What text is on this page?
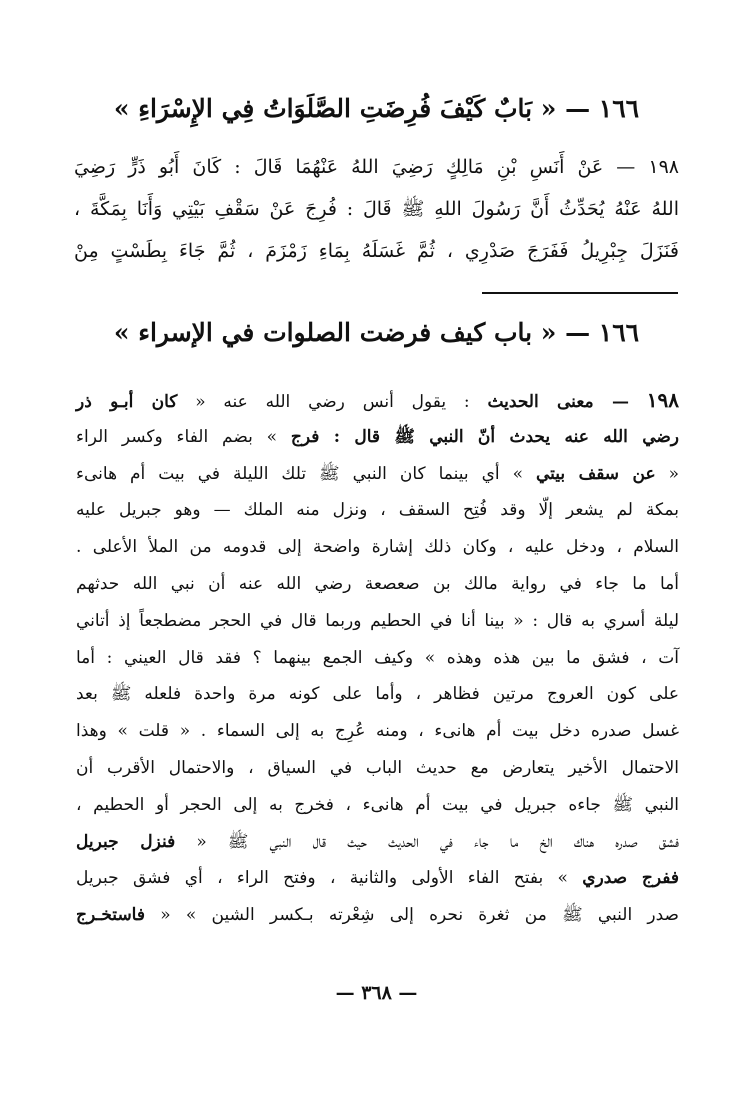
١٦٦ — « بَابٌ كَيْفَ فُرِضَتِ الصَّلَوَاتُ فِي الإِسْرَاءِ »
١٩٨ — عَنْ أَنَسِ بْنِ مَالِكٍ رَضِيَ اللهُ عَنْهُمَا قَالَ : كَانَ أَبُو ذَرٍّ رَضِيَ
اللهُ عَنْهُ يُحَدِّثُ أَنَّ رَسُولَ اللهِ ﷺ قَالَ : فُرِجَ عَنْ سَقْفِ بَيْتِي وَأَنَا بِمَكَّةَ ،
فَنَزَلَ جِبْرِيلُ فَفَرَجَ صَدْرِي ، ثُمَّ غَسَلَهُ بِمَاءِ زَمْزَمَ ، ثُمَّ جَاءَ بِطَسْتٍ مِنْ
١٦٦ — « باب كيف فرضت الصلوات في الإسراء »
١٩٨ — معنى الحديث : يقول أنس رضي الله عنه « كان أبـو ذر
رضي الله عنه يحدث أنّ النبي ﷺ قال : فرج » بضم الفاء وكسر الراء
« عن سقف بيتي » أي بينما كان النبي ﷺ تلك الليلة في بيت أم هانىء
بمكة لم يشعر إلّا وقد فُتِح السقف ، ونزل منه الملك — وهو جبريل عليه
السلام ، ودخل عليه ، وكان ذلك إشارة واضحة إلى قدومه من الملأ الأعلى .
أما ما جاء في رواية مالك بن صعصعة رضي الله عنه أن نبي الله حدثهم
ليلة أسري به قال : « بينا أنا في الحطيم وربما قال في الحجر مضطجعاً إذ أتاني
آت ، فشق ما بين هذه وهذه » وكيف الجمع بينهما ؟ فقد قال العيني : أما
على كون العروج مرتين فظاهر ، وأما على كونه مرة واحدة فلعله ﷺ بعد
غسل صدره دخل بيت أم هانىء ، ومنه عُرِج به إلى السماء . « قلت » وهذا
الاحتمال الأخير يتعارض مع حديث الباب في السياق ، والاحتمال الأقرب أن
النبي ﷺ جاءه جبريل في بيت أم هانىء ، فخرج به إلى الحجر أو الحطيم ،
فشق صدره هناك الخ ما جاء في الحديث حيث قال النبي ﷺ « فنزل جبريل
ففرج صدري » بفتح الفاء الأولى والثانية ، وفتح الراء ، أي فشق جبريل
صدر النبي ﷺ من ثغرة نحره إلى شِعْرته بـكسر الشين » « فاستخـرج
— ٣٦٨ —
